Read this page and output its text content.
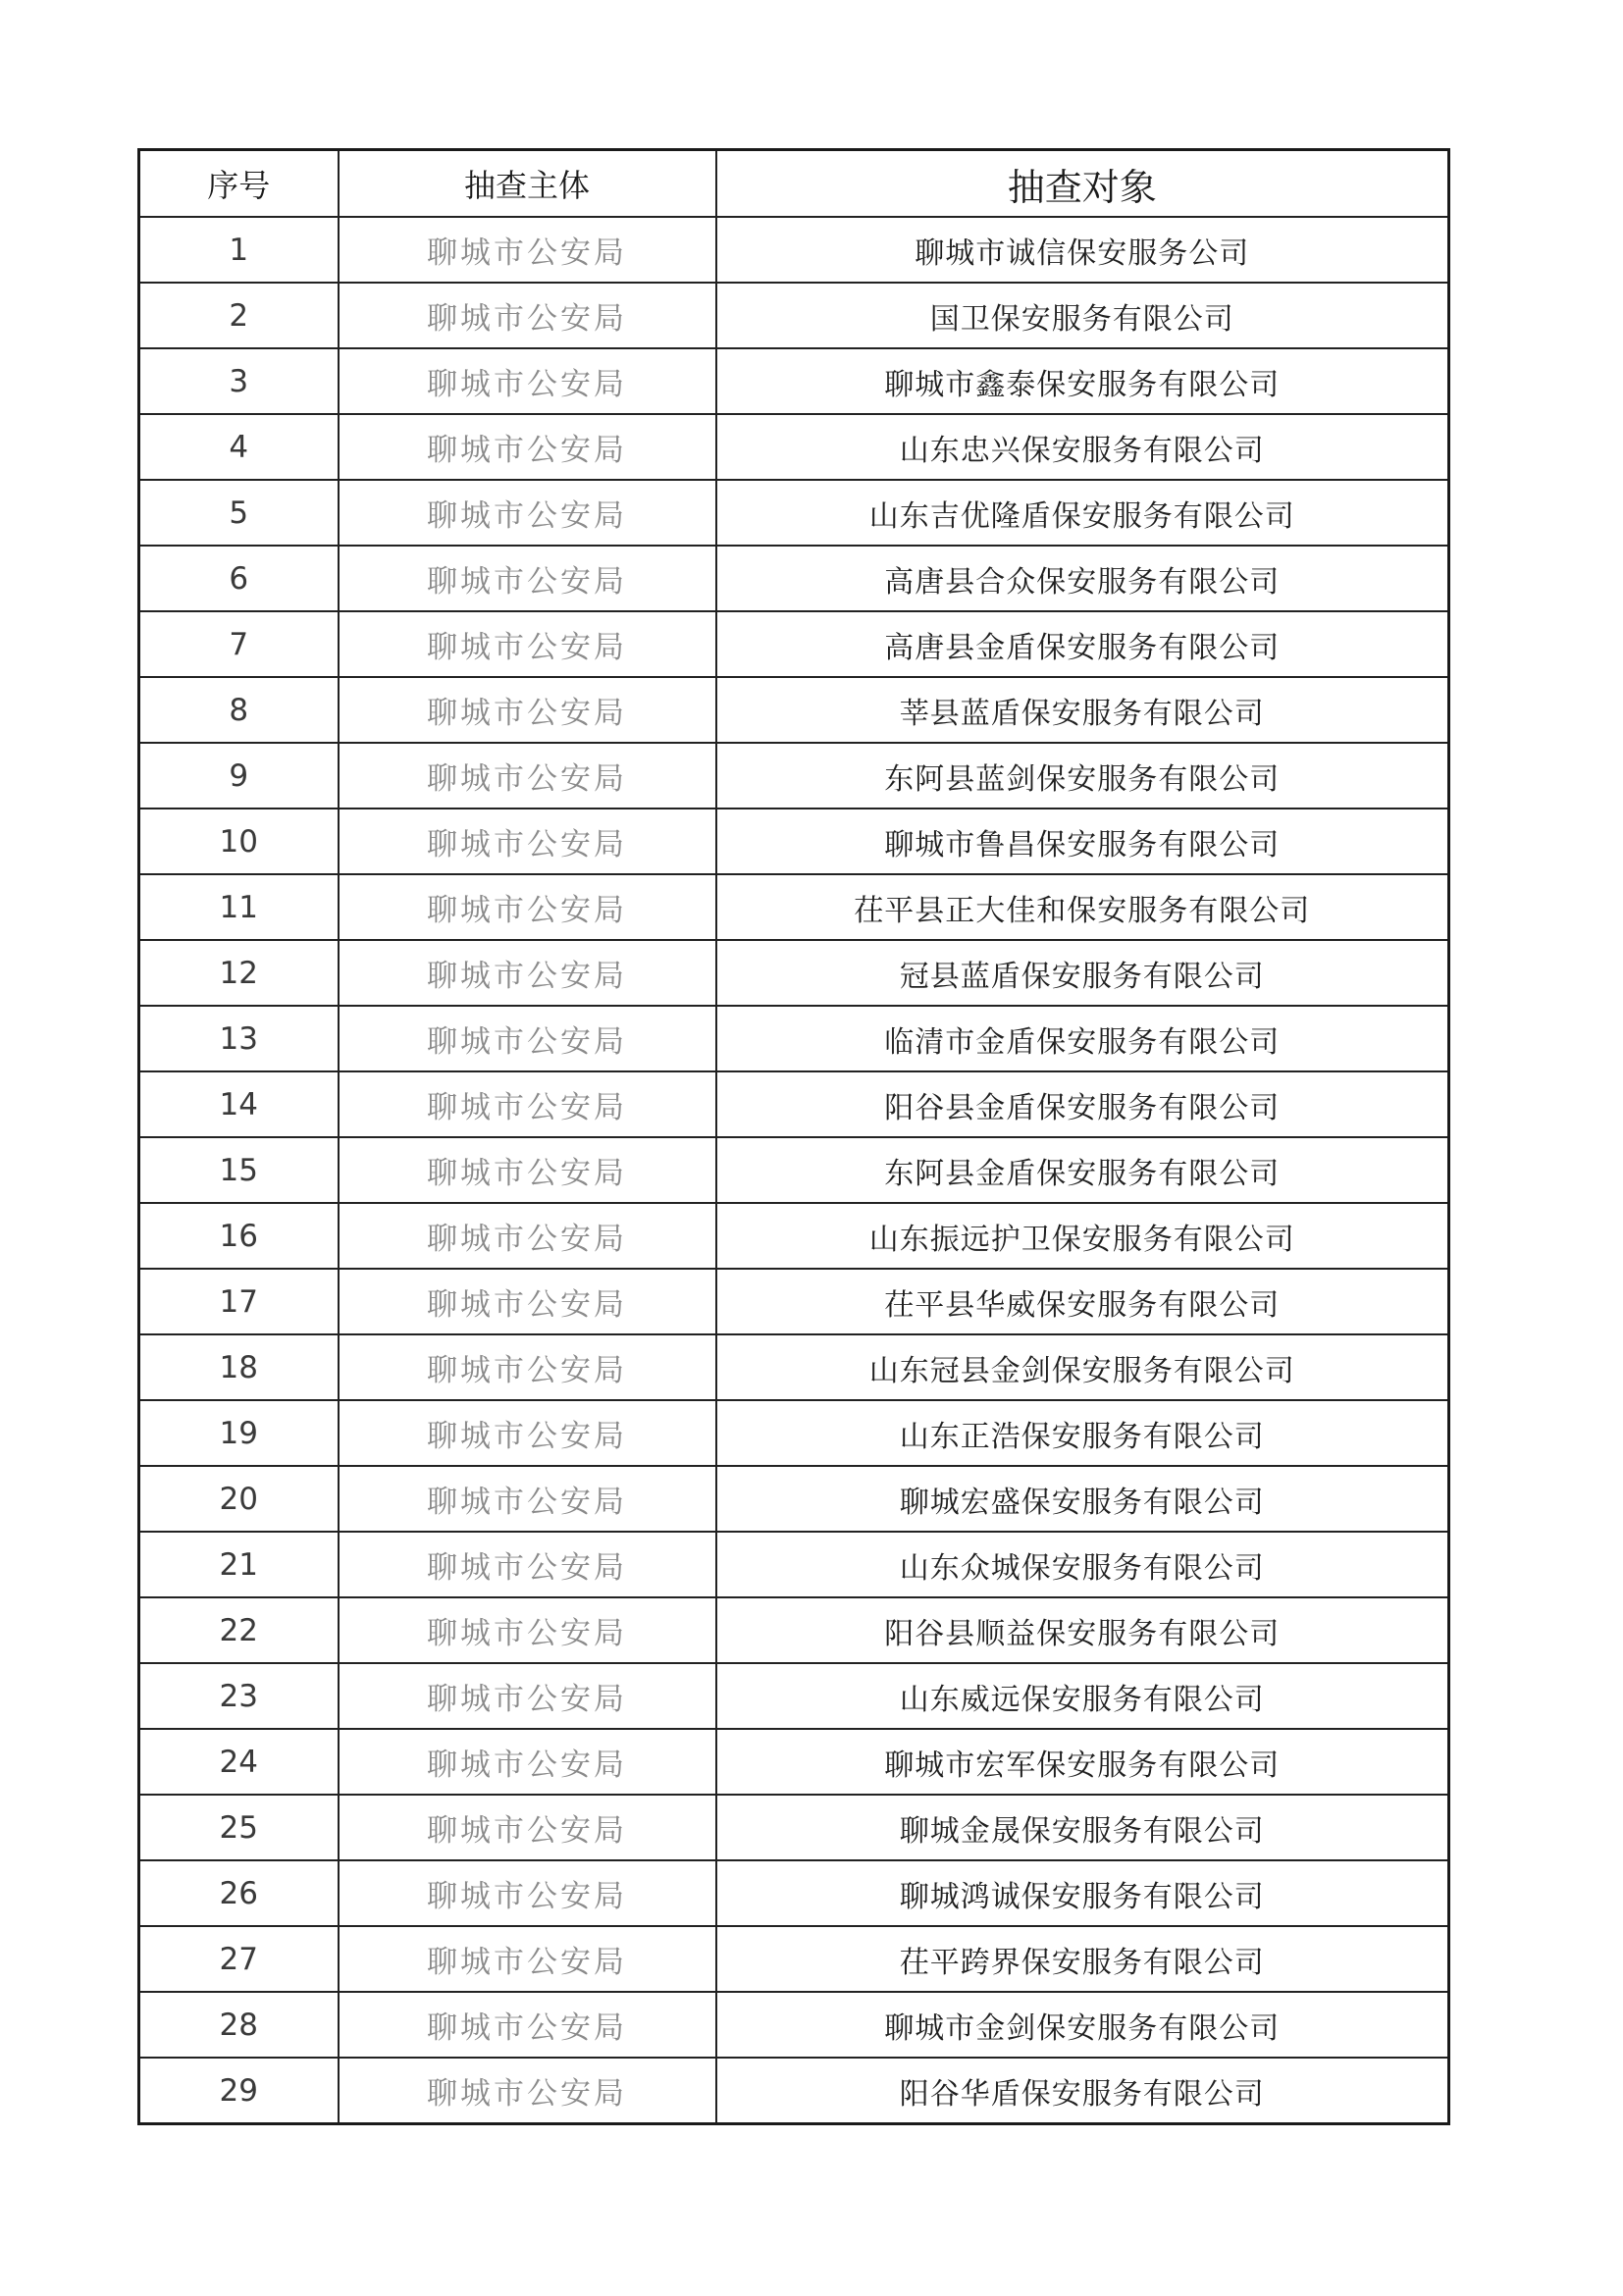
序号	抽查主体	抽查对象
1	聊城市公安局	聊城市诚信保安服务公司
2	聊城市公安局	国卫保安服务有限公司
3	聊城市公安局	聊城市鑫泰保安服务有限公司
4	聊城市公安局	山东忠兴保安服务有限公司
5	聊城市公安局	山东吉优隆盾保安服务有限公司
6	聊城市公安局	高唐县合众保安服务有限公司
7	聊城市公安局	高唐县金盾保安服务有限公司
8	聊城市公安局	莘县蓝盾保安服务有限公司
9	聊城市公安局	东阿县蓝剑保安服务有限公司
10	聊城市公安局	聊城市鲁昌保安服务有限公司
11	聊城市公安局	茌平县正大佳和保安服务有限公司
12	聊城市公安局	冠县蓝盾保安服务有限公司
13	聊城市公安局	临清市金盾保安服务有限公司
14	聊城市公安局	阳谷县金盾保安服务有限公司
15	聊城市公安局	东阿县金盾保安服务有限公司
16	聊城市公安局	山东振远护卫保安服务有限公司
17	聊城市公安局	茌平县华威保安服务有限公司
18	聊城市公安局	山东冠县金剑保安服务有限公司
19	聊城市公安局	山东正浩保安服务有限公司
20	聊城市公安局	聊城宏盛保安服务有限公司
21	聊城市公安局	山东众城保安服务有限公司
22	聊城市公安局	阳谷县顺益保安服务有限公司
23	聊城市公安局	山东威远保安服务有限公司
24	聊城市公安局	聊城市宏军保安服务有限公司
25	聊城市公安局	聊城金晟保安服务有限公司
26	聊城市公安局	聊城鸿诚保安服务有限公司
27	聊城市公安局	茌平跨界保安服务有限公司
28	聊城市公安局	聊城市金剑保安服务有限公司
29	聊城市公安局	阳谷华盾保安服务有限公司
